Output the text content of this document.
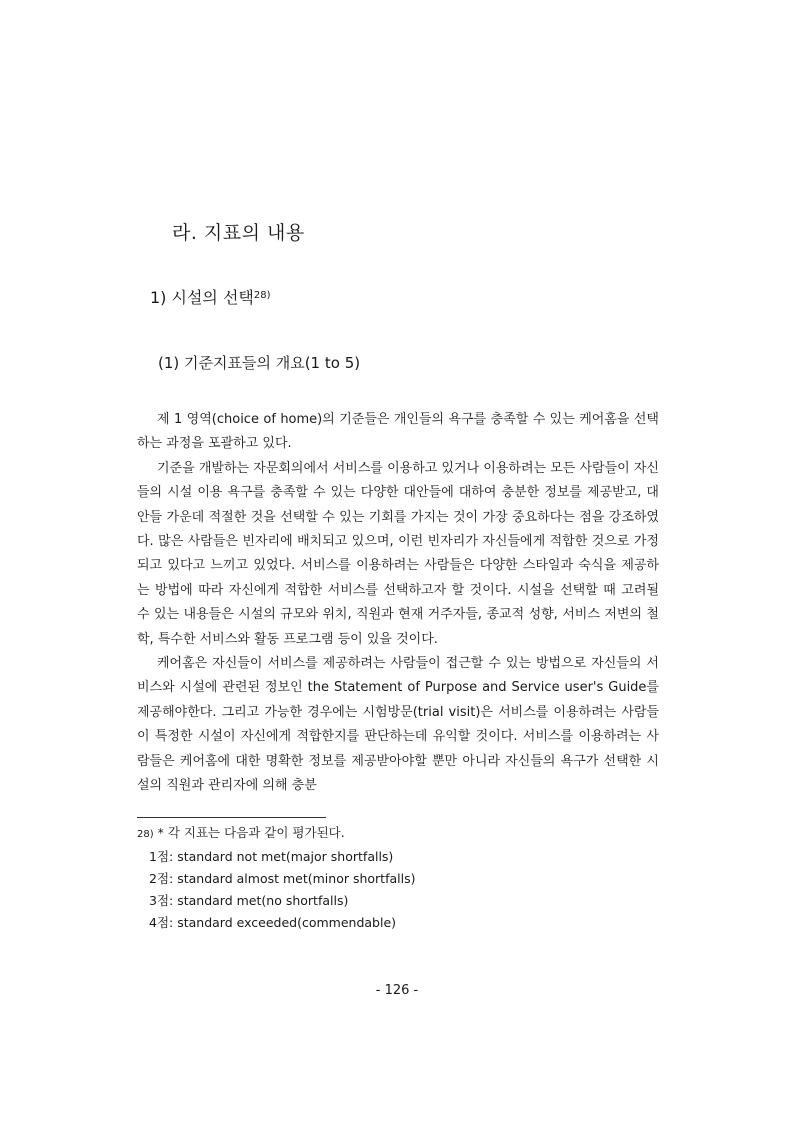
라. 지표의 내용
1) 시설의 선택$^{28)}$
(1) 기준지표들의 개요(1 to 5)

제 1 영역(choice of home)의 기준들은 개인들의 욕구를 충족할 수 있는 케어홈을 선택하는 과정을 포괄하고 있다.

기준을 개발하는 자문회의에서 서비스를 이용하고 있거나 이용하려는 모든 사람들이 자신들의 시설 이용 욕구를 충족할 수 있는 다양한 대안들에 대하여 충분한 정보를 제공받고, 대안들 가운데 적절한 것을 선택할 수 있는 기회를 가지는 것이 가장 중요하다는 점을 강조하였다. 많은 사람들은 빈자리에 배치되고 있으며, 이런 빈자리가 자신들에게 적합한 것으로 가정되고 있다고 느끼고 있었다. 서비스를 이용하려는 사람들은 다양한 스타일과 숙식을 제공하는 방법에 따라 자신에게 적합한 서비스를 선택하고자 할 것이다. 시설을 선택할 때 고려될 수 있는 내용들은 시설의 규모와 위치, 직원과 현재 거주자들, 종교적 성향, 서비스 저변의 철학, 특수한 서비스와 활동 프로그램 등이 있을 것이다.

케어홈은 자신들이 서비스를 제공하려는 사람들이 접근할 수 있는 방법으로 자신들의 서비스와 시설에 관련된 정보인 the Statement of Purpose and Service user's Guide를 제공해야한다. 그리고 가능한 경우에는 시험방문(trial visit)은 서비스를 이용하려는 사람들이 특정한 시설이 자신에게 적합한지를 판단하는데 유익할 것이다. 서비스를 이용하려는 사람들은 케어홈에 대한 명확한 정보를 제공받아야할 뿐만 아니라 자신들의 욕구가 선택한 시설의 직원과 관리자에 의해 충분

28) * 각 지표는 다음과 같이 평가된다.
1점: standard not met(major shortfalls)
2점: standard almost met(minor shortfalls)
3점: standard met(no shortfalls)
4점: standard exceeded(commendable)
- 126 -
